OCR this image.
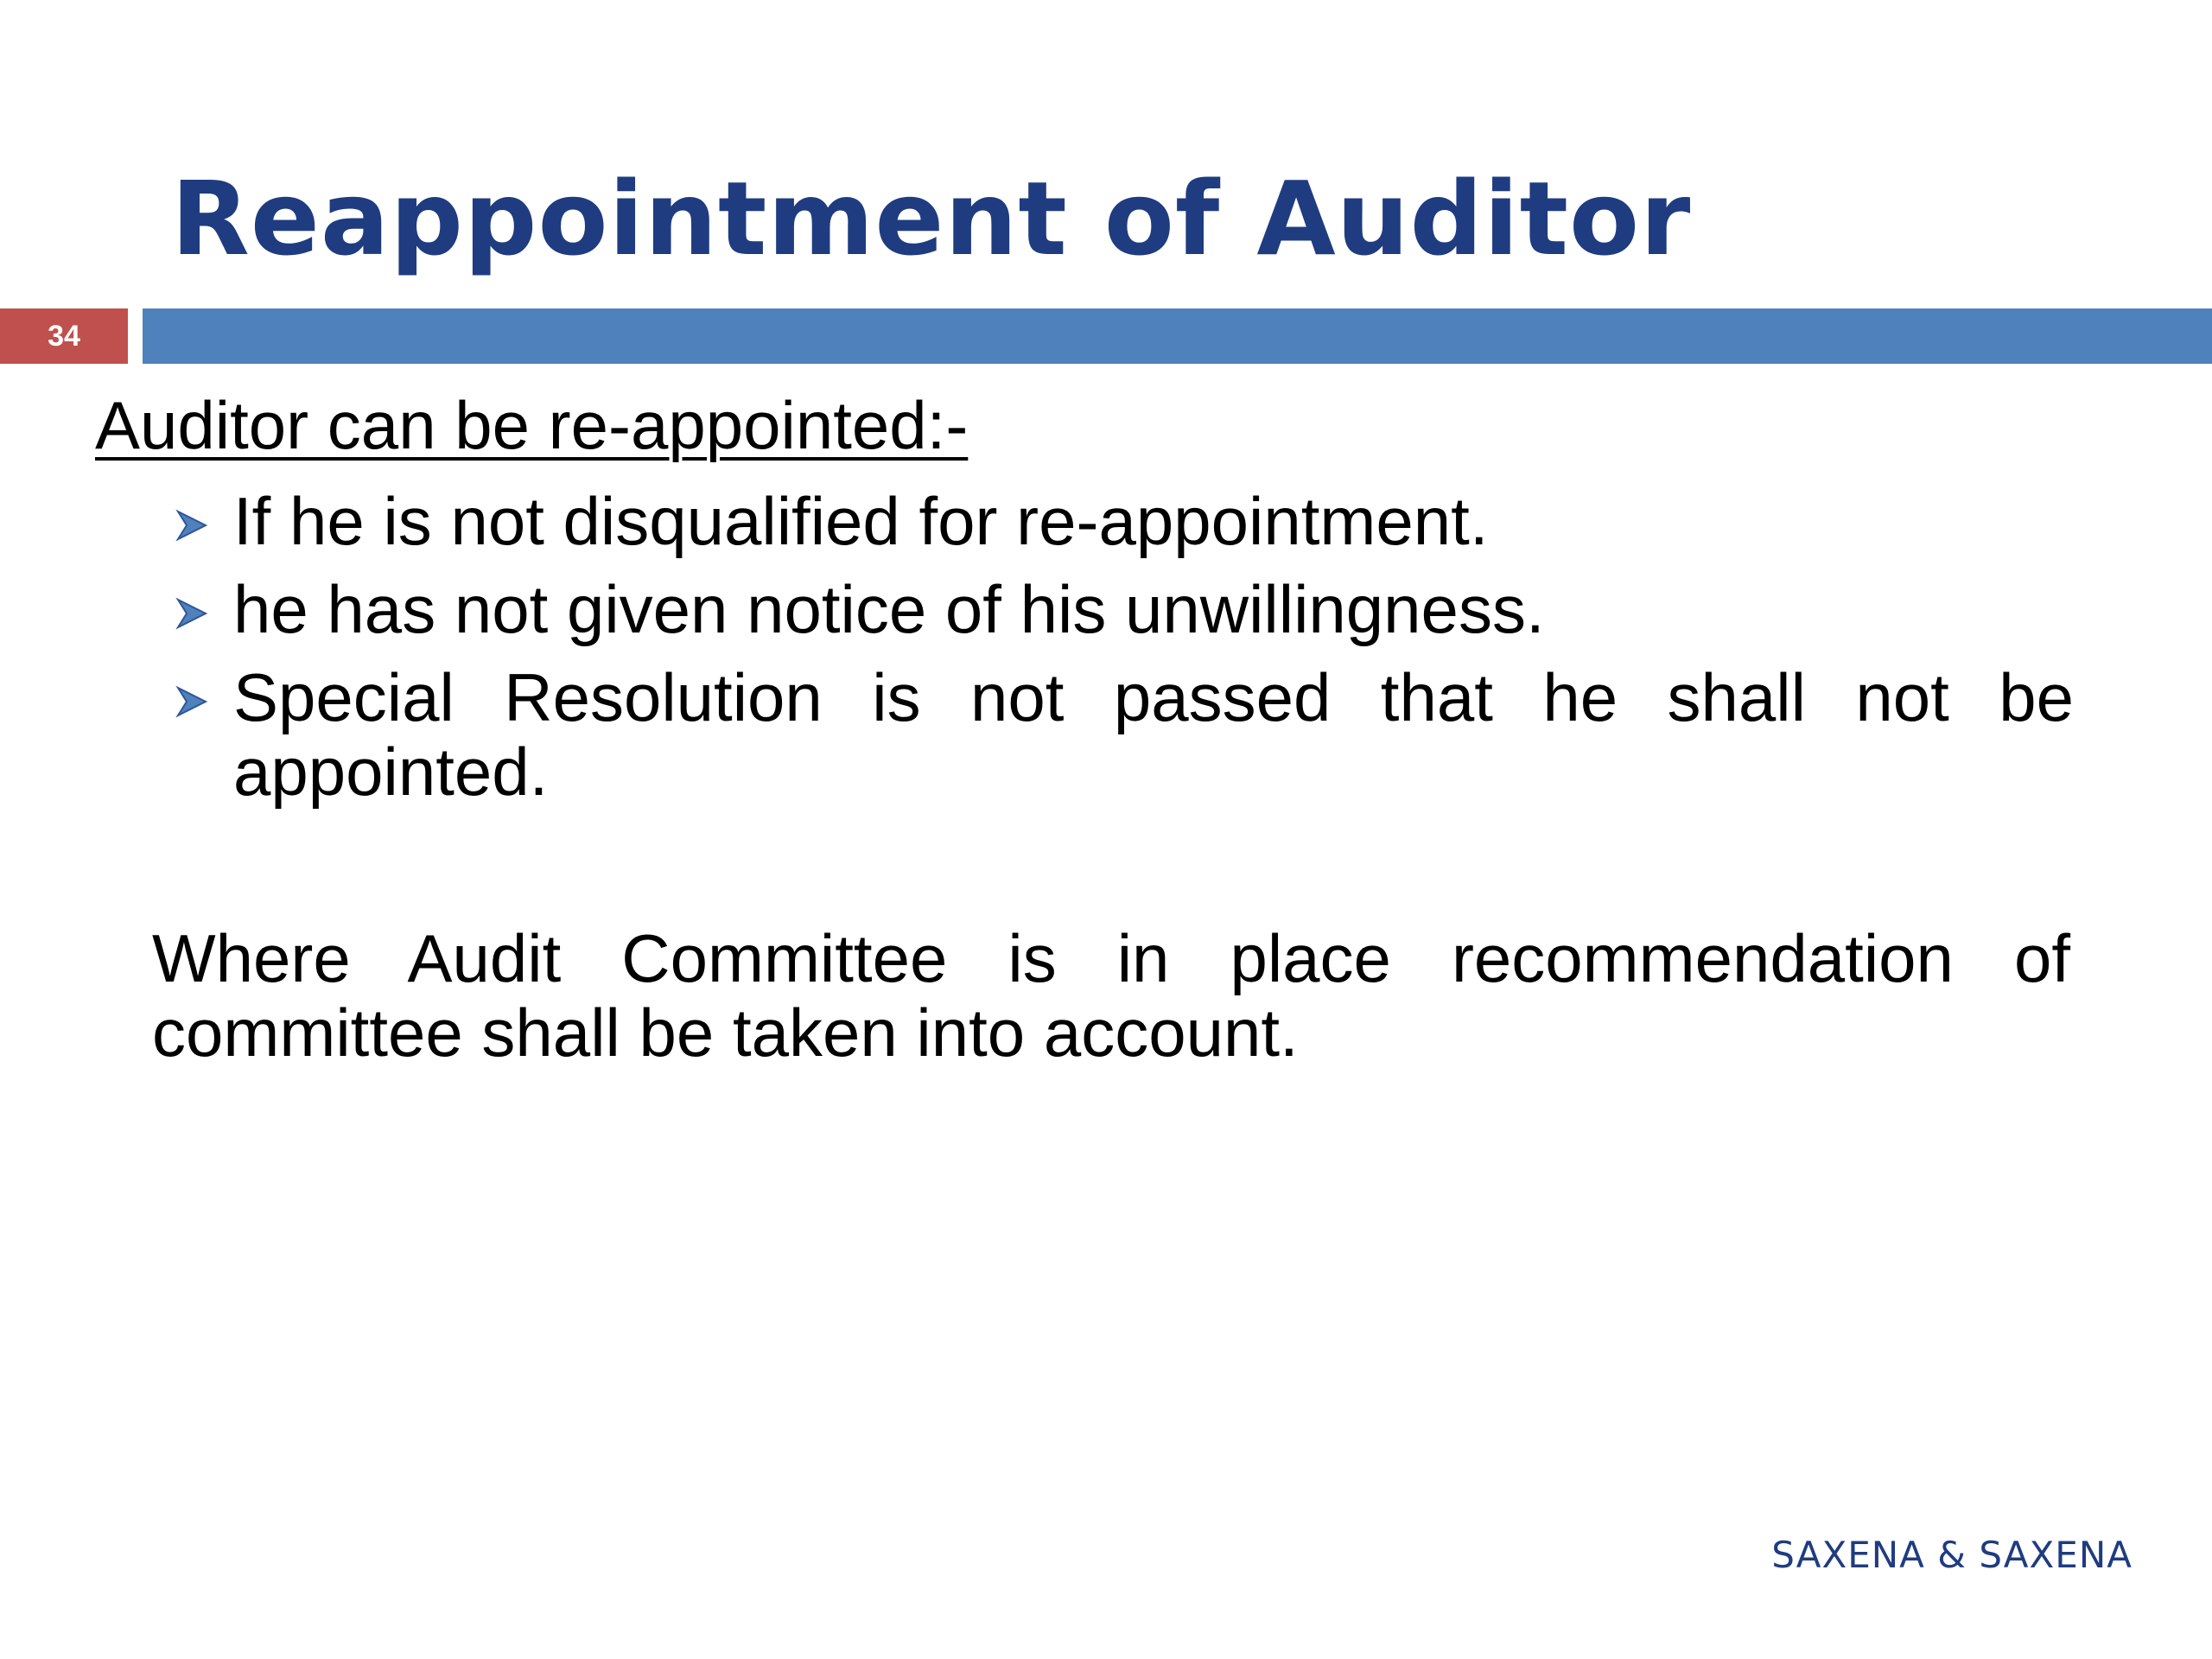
Reappointment of Auditor
34
Auditor can be re-appointed:-
If he is not disqualified for re-appointment.
he has not given notice of his unwillingness.
Special Resolution is not passed that he shall not be appointed.
Where Audit Committee is in place recommendation of committee shall be taken into account.
SAXENA & SAXENA
